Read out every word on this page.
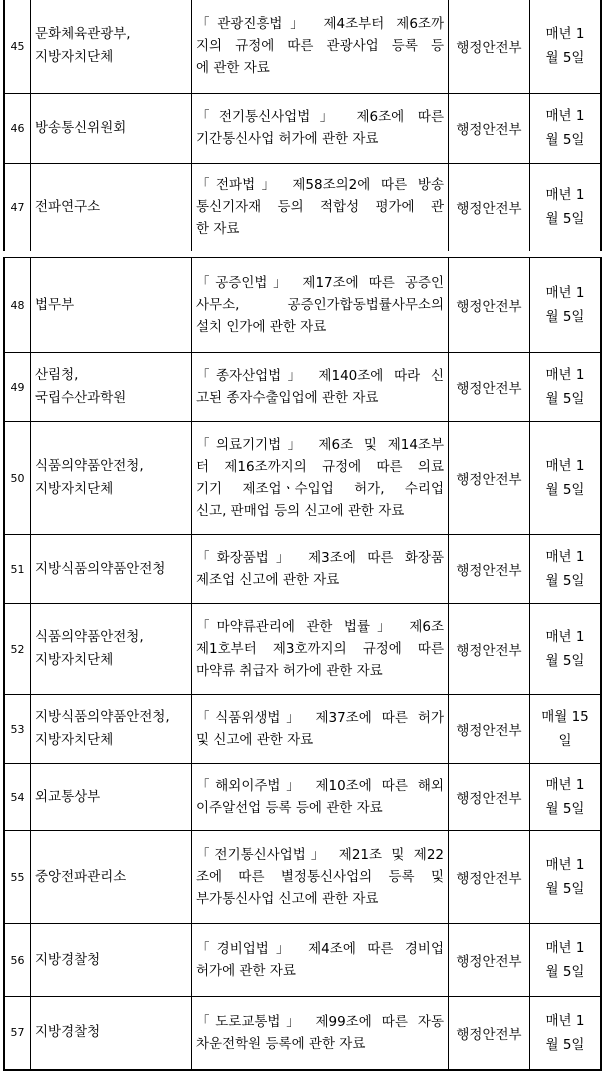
45	문화체육관광부,
지방자치단체	「관광진흥법」 제4조부터 제6조까
지의 규정에 따른 관광사업 등록 등
에 관한 자료	행정안전부	매년 1
월 5일

46	방송통신위원회	「전기통신사업법」 제6조에 따른
기간통신사업 허가에 관한 자료	행정안전부	매년 1
월 5일

47	전파연구소	「전파법」 제58조의2에 따른 방송
통신기자재 등의 적합성 평가에 관
한 자료	행정안전부	매년 1
월 5일
48	법무부	「공증인법」 제17조에 따른 공증인
사무소, 공증인가합동법률사무소의
설치 인가에 관한 자료	행정안전부	매년 1
월 5일

49	산림청,
국립수산과학원	「종자산업법」 제140조에 따라 신
고된 종자수출입업에 관한 자료	행정안전부	매년 1
월 5일

50	식품의약품안전청,
지방자치단체	「의료기기법」 제6조 및 제14조부
터 제16조까지의 규정에 따른 의료
기기 제조업ㆍ수입업 허가, 수리업
신고, 판매업 등의 신고에 관한 자료	행정안전부	매년 1
월 5일

51	지방식품의약품안전청	「화장품법」 제3조에 따른 화장품
제조업 신고에 관한 자료	행정안전부	매년 1
월 5일

52	식품의약품안전청,
지방자치단체	「마약류관리에 관한 법률」 제6조
제1호부터 제3호까지의 규정에 따른
마약류 취급자 허가에 관한 자료	행정안전부	매년 1
월 5일

53	지방식품의약품안전청,
지방자치단체	「식품위생법」 제37조에 따른 허가
및 신고에 관한 자료	행정안전부	매월 15
일

54	외교통상부	「해외이주법」 제10조에 따른 해외
이주알선업 등록 등에 관한 자료	행정안전부	매년 1
월 5일

55	중앙전파관리소	「전기통신사업법」 제21조 및 제22
조에 따른 별정통신사업의 등록 및
부가통신사업 신고에 관한 자료	행정안전부	매년 1
월 5일

56	지방경찰청	「경비업법」 제4조에 따른 경비업
허가에 관한 자료	행정안전부	매년 1
월 5일

57	지방경찰청	「도로교통법」 제99조에 따른 자동
차운전학원 등록에 관한 자료	행정안전부	매년 1
월 5일
